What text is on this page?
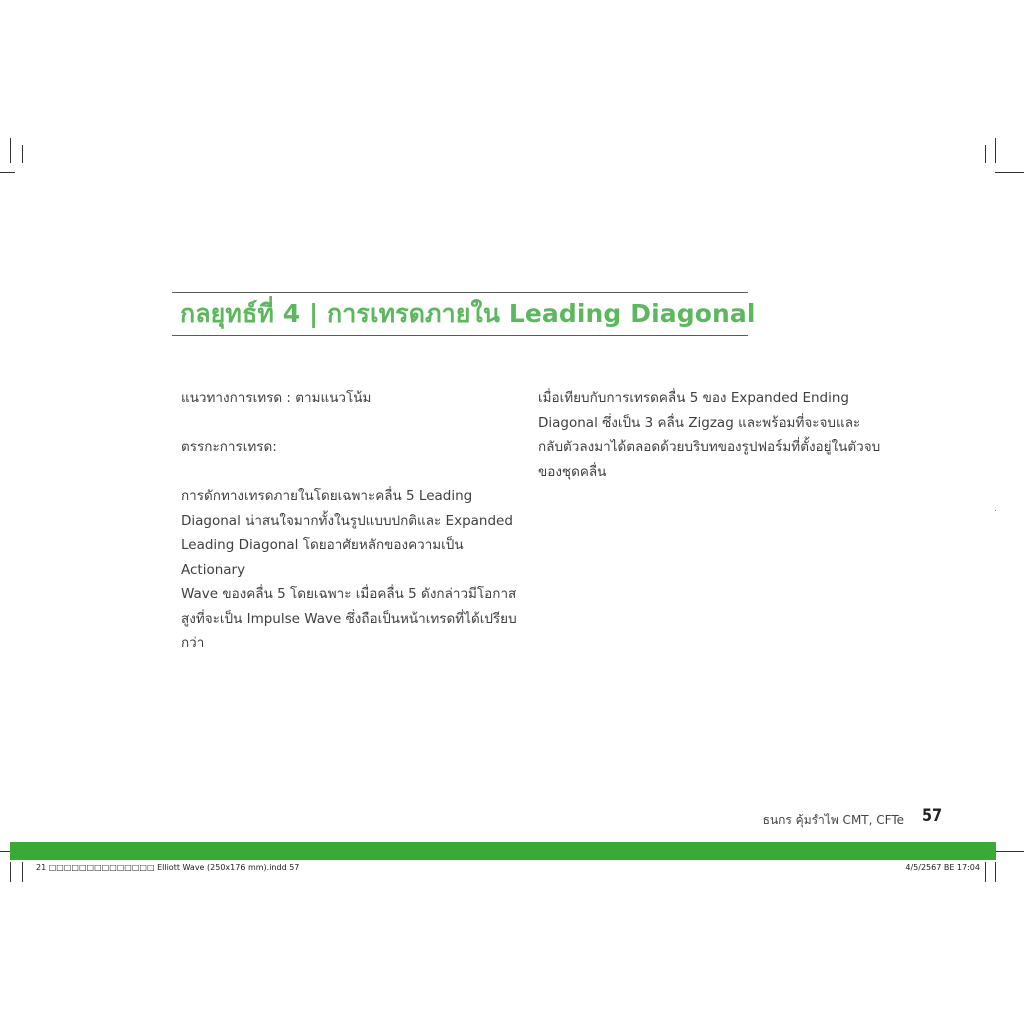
กลยุทธ์ที่ 4 | การเทรดภายใน Leading Diagonal

แนวทางการเทรด : ตามแนวโน้ม

ตรรกะการเทรด:

การดักทางเทรดภายในโดยเฉพาะคลื่น 5 Leading

Diagonal น่าสนใจมากทั้งในรูปแบบปกติและ Expanded

Leading Diagonal โดยอาศัยหลักของความเป็น Actionary

Wave ของคลื่น 5 โดยเฉพาะ เมื่อคลื่น 5 ดังกล่าวมีโอกาส

สูงที่จะเป็น Impulse Wave ซึ่งถือเป็นหน้าเทรดที่ได้เปรียบ

กว่า

เมื่อเทียบกับการเทรดคลื่น 5 ของ Expanded Ending

Diagonal ซึ่งเป็น 3 คลื่น Zigzag และพร้อมที่จะจบและ

กลับตัวลงมาได้ตลอดด้วยบริบทของรูปฟอร์มที่ตั้งอยู่ในตัวจบ

ของชุดคลื่น

ธนกร คุ้มรำไพ CMT, CFTe 57
21 □□□□□□□□□□□□□□ Elliott Wave (250x176 mm).indd 57	4/5/2567 BE 17:04
